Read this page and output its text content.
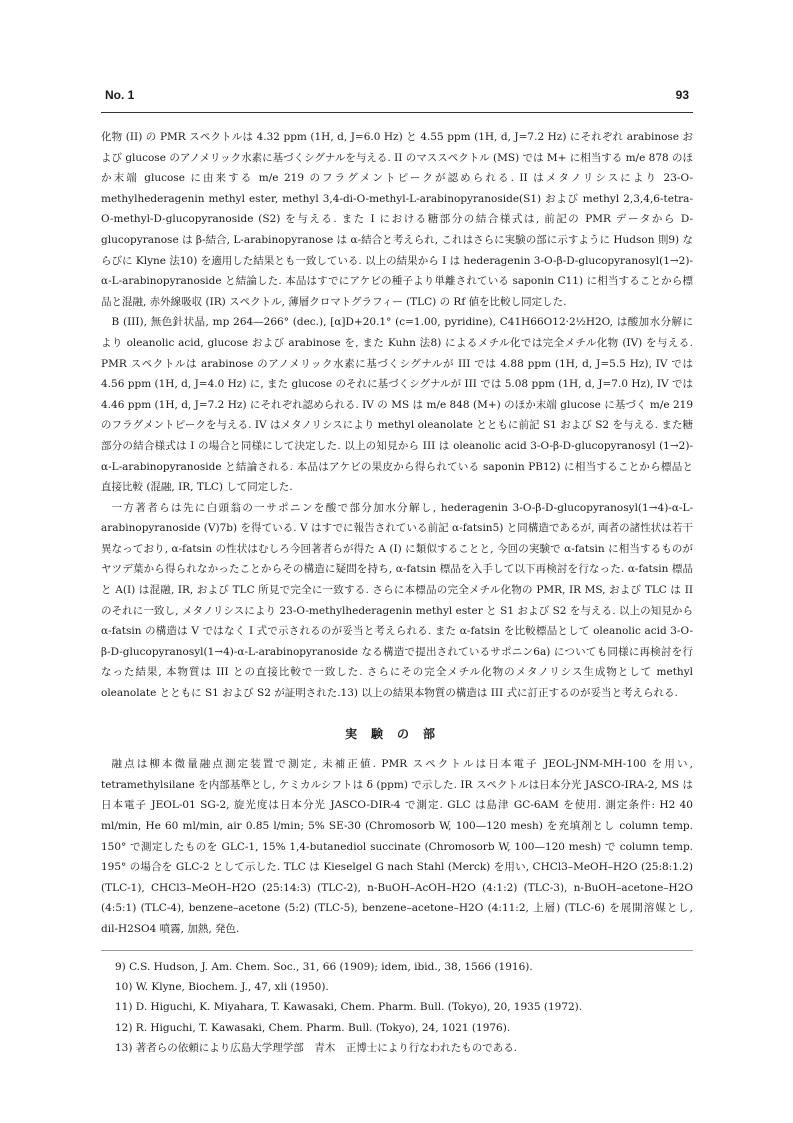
No. 1	93

化物 (II) の PMR スペクトルは 4.32 ppm (1H, d, J=6.0 Hz) と 4.55 ppm (1H, d, J=7.2 Hz) にそれぞれ arabinose および glucose のアノメリック水素に基づくシグナルを与える. II のマススペクトル (MS) では M+ に相当する m/e 878 のほか末端 glucose に由来する m/e 219 のフラグメントピークが認められる. II はメタノリシスにより 23-O-methylhederagenin methyl ester, methyl 3,4-di-O-methyl-L-arabinopyranoside(S1) および methyl 2,3,4,6-tetra-O-methyl-D-glucopyranoside (S2) を与える. また I における糖部分の結合様式は, 前記の PMR データから D-glucopyranose は β-結合, L-arabinopyranose は α-結合と考えられ, これはさらに実験の部に示すように Hudson 則9) ならびに Klyne 法10) を適用した結果とも一致している. 以上の結果から I は hederagenin 3-O-β-D-glucopyranosyl(1→2)-α-L-arabinopyranoside と結論した. 本品はすでにアケビの種子より単離されている saponin C11) に相当することから標品と混融, 赤外線吸収 (IR) スペクトル, 薄層クロマトグラフィー (TLC) の Rf 値を比較し同定した.

B (III), 無色針状晶, mp 264—266° (dec.), [α]D+20.1° (c=1.00, pyridine), C41H66O12·2½H2O, は酸加水分解により oleanolic acid, glucose および arabinose を, また Kuhn 法8) によるメチル化では完全メチル化物 (IV) を与える. PMR スペクトルは arabinose のアノメリック水素に基づくシグナルが III では 4.88 ppm (1H, d, J=5.5 Hz), IV では 4.56 ppm (1H, d, J=4.0 Hz) に, また glucose のそれに基づくシグナルが III では 5.08 ppm (1H, d, J=7.0 Hz), IV では 4.46 ppm (1H, d, J=7.2 Hz) にそれぞれ認められる. IV の MS は m/e 848 (M+) のほか末端 glucose に基づく m/e 219 のフラグメントピークを与える. IV はメタノリシスにより methyl oleanolate とともに前記 S1 および S2 を与える. また糖部分の結合様式は I の場合と同様にして決定した. 以上の知見から III は oleanolic acid 3-O-β-D-glucopyranosyl (1→2)-α-L-arabinopyranoside と結論される. 本品はアケビの果皮から得られている saponin PB12) に相当することから標品と直接比較 (混融, IR, TLC) して同定した.

一方著者らは先に白頭翁の一サポニンを酸で部分加水分解し, hederagenin 3-O-β-D-glucopyranosyl(1→4)-α-L-arabinopyranoside (V)7b) を得ている. V はすでに報告されている前記 α-fatsin5) と同構造であるが, 両者の諸性状は若干異なっており, α-fatsin の性状はむしろ今回著者らが得た A (I) に類似することと, 今回の実験で α-fatsin に相当するものがヤツデ葉から得られなかったことからその構造に疑問を持ち, α-fatsin 標品を入手して以下再検討を行なった. α-fatsin 標品と A(I) は混融, IR, および TLC 所見で完全に一致する. さらに本標品の完全メチル化物の PMR, IR MS, および TLC は II のそれに一致し, メタノリシスにより 23-O-methylhederagenin methyl ester と S1 および S2 を与える. 以上の知見から α-fatsin の構造は V ではなく I 式で示されるのが妥当と考えられる. また α-fatsin を比較標品として oleanolic acid 3-O-β-D-glucopyranosyl(1→4)-α-L-arabinopyranoside なる構造で提出されているサポニン6a) についても同様に再検討を行なった結果, 本物質は III との直接比較で一致した. さらにその完全メチル化物のメタノリシス生成物として methyl oleanolate とともに S1 および S2 が証明された.13) 以上の結果本物質の構造は III 式に訂正するのが妥当と考えられる.

実験の部

融点は柳本微量融点測定装置で測定, 未補正値. PMR スペクトルは日本電子 JEOL-JNM-MH-100 を用い, tetramethylsilane を内部基準とし, ケミカルシフトは δ (ppm) で示した. IR スペクトルは日本分光 JASCO-IRA-2, MS は日本電子 JEOL-01 SG-2, 旋光度は日本分光 JASCO-DIR-4 で測定. GLC は島津 GC-6AM を使用. 測定条件: H2 40 ml/min, He 60 ml/min, air 0.85 l/min; 5% SE-30 (Chromosorb W, 100—120 mesh) を充填剤とし column temp. 150° で測定したものを GLC-1, 15% 1,4-butanediol succinate (Chromosorb W, 100—120 mesh) で column temp. 195° の場合を GLC-2 として示した. TLC は Kieselgel G nach Stahl (Merck) を用い, CHCl3–MeOH–H2O (25:8:1.2) (TLC-1), CHCl3–MeOH–H2O (25:14:3) (TLC-2), n-BuOH–AcOH–H2O (4:1:2) (TLC-3), n-BuOH–acetone–H2O (4:5:1) (TLC-4), benzene–acetone (5:2) (TLC-5), benzene–acetone–H2O (4:11:2, 上層) (TLC-6) を展開溶媒とし, dil-H2SO4 噴霧, 加熱, 発色.

9) C.S. Hudson, J. Am. Chem. Soc., 31, 66 (1909); idem, ibid., 38, 1566 (1916).
10) W. Klyne, Biochem. J., 47, xli (1950).
11) D. Higuchi, K. Miyahara, T. Kawasaki, Chem. Pharm. Bull. (Tokyo), 20, 1935 (1972).
12) R. Higuchi, T. Kawasaki, Chem. Pharm. Bull. (Tokyo), 24, 1021 (1976).
13) 著者らの依頼により広島大学理学部　青木　正博士により行なわれたものである.
